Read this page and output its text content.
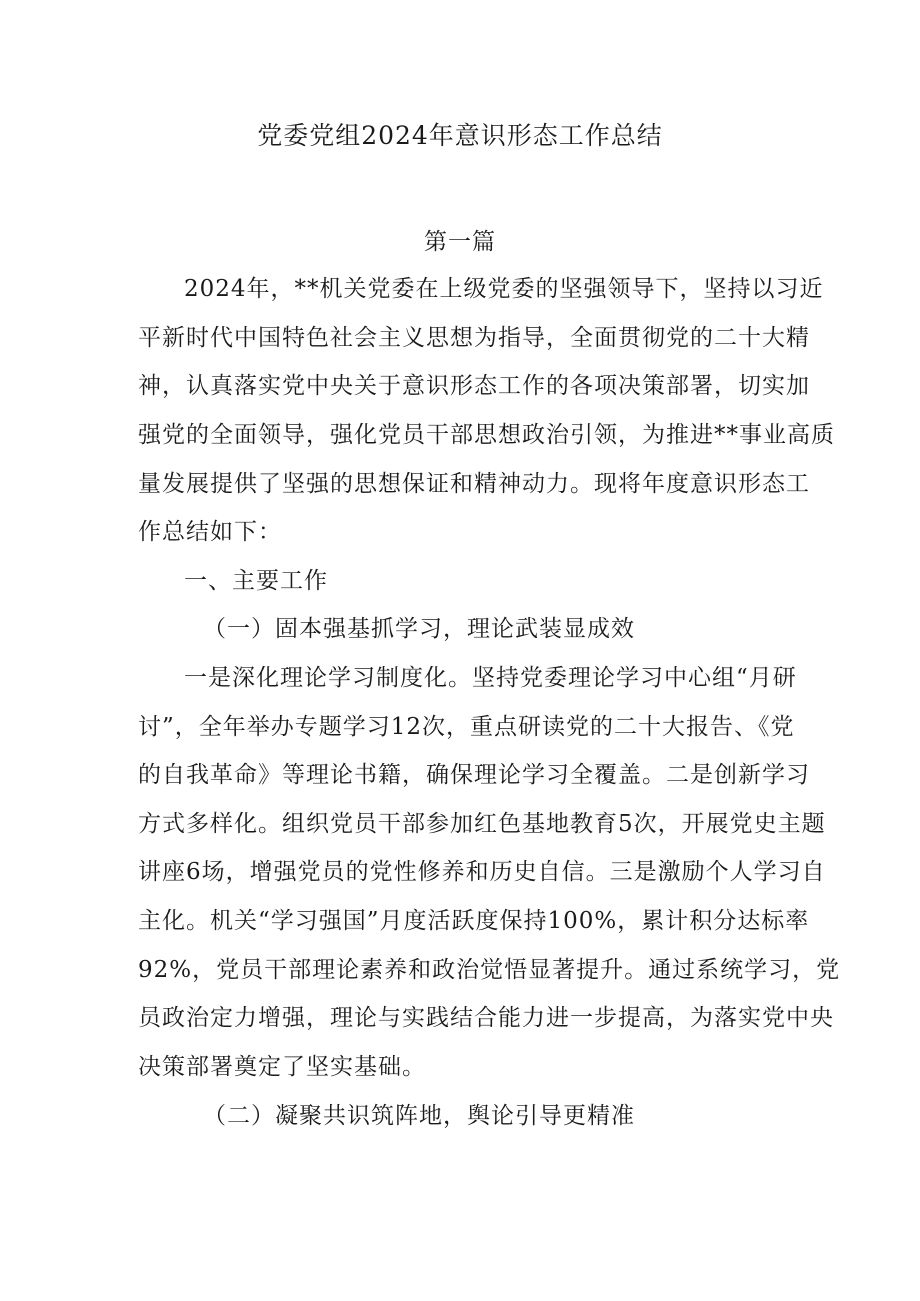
党委党组2024年意识形态工作总结
第一篇
2024年，**机关党委在上级党委的坚强领导下，坚持以习近
平新时代中国特色社会主义思想为指导，全面贯彻党的二十大精
神，认真落实党中央关于意识形态工作的各项决策部署，切实加
强党的全面领导，强化党员干部思想政治引领，为推进**事业高质
量发展提供了坚强的思想保证和精神动力。现将年度意识形态工
作总结如下：
一、主要工作
（一）固本强基抓学习，理论武装显成效
一是深化理论学习制度化。坚持党委理论学习中心组“月研
讨”，全年举办专题学习12次，重点研读党的二十大报告、《党
的自我革命》等理论书籍，确保理论学习全覆盖。二是创新学习
方式多样化。组织党员干部参加红色基地教育5次，开展党史主题
讲座6场，增强党员的党性修养和历史自信。三是激励个人学习自
主化。机关“学习强国”月度活跃度保持100%，累计积分达标率
92%，党员干部理论素养和政治觉悟显著提升。通过系统学习，党
员政治定力增强，理论与实践结合能力进一步提高，为落实党中央
决策部署奠定了坚实基础。
（二）凝聚共识筑阵地，舆论引导更精准
